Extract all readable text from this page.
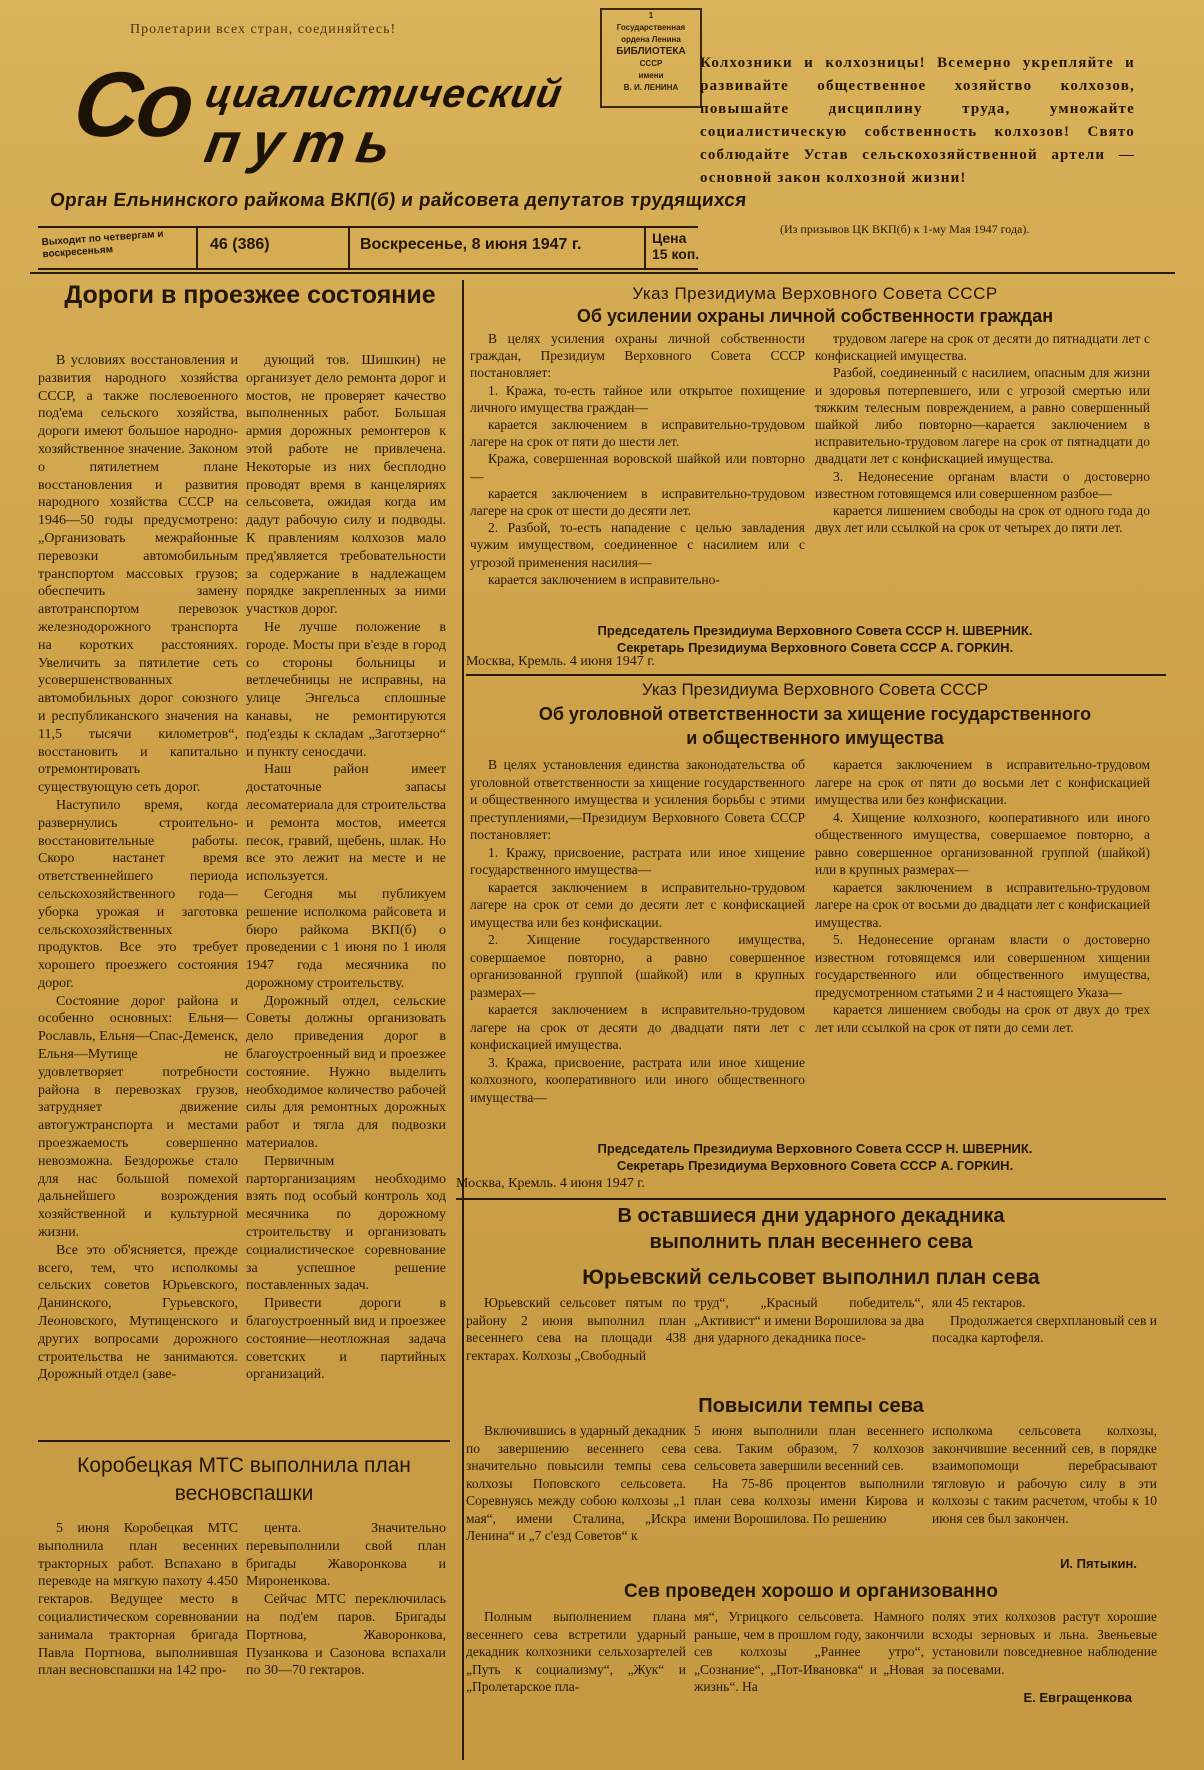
Пролетарии всех стран, соединяйтесь!
1
Государственная
ордена Ленина
БИБЛИОТЕКА
СССР
имени
В. И. ЛЕНИНА
Со циалистический
путь
Орган Ельнинского райкома ВКП(б) и райсовета депутатов трудящихся
Выходит по четвергам и воскресеньям	46 (386)	Воскресенье, 8 июня 1947 г.	Цена 15 коп.
Колхозники и колхозницы! Всемерно укрепляйте и развивайте общественное хозяйство колхозов, повышайте дисциплину труда, умножайте социалистическую собственность колхозов! Свято соблюдайте Устав сельскохозяйственной артели — основной закон колхозной жизни!
(Из призывов ЦК ВКП(б) к 1-му Мая 1947 года).
Дороги в проезжее состояние

В условиях восстановления и развития народного хозяйства СССР, а также послевоенного под'ема сельского хозяйства, дороги имеют большое народно-хозяйственное значение. Законом о пятилетнем плане восстановления и развития народного хозяйства СССР на 1946—50 годы предусмотрено: „Организовать межрайонные перевозки автомобильным транспортом массовых грузов; обеспечить замену автотранспортом перевозок железнодорожного транспорта на коротких расстояниях. Увеличить за пятилетие сеть усовершенствованных автомобильных дорог союзного и республиканского значения на 11,5 тысячи километров“, восстановить и капитально отремонтировать существующую сеть дорог.

Наступило время, когда развернулись строительно-восстановительные работы. Скоро настанет время ответственнейшего периода сельскохозяйственного года—уборка урожая и заготовка сельскохозяйственных продуктов. Все это требует хорошего проезжего состояния дорог.

Состояние дорог района и особенно основных: Ельня—Рославль, Ельня—Спас-Деменск, Ельня—Мутище не удовлетворяет потребности района в перевозках грузов, затрудняет движение автогужтранспорта и местами проезжаемость совершенно невозможна. Бездорожье стало для нас большой помехой дальнейшего возрождения хозяйственной и культурной жизни.

Все это об'ясняется, прежде всего, тем, что исполкомы сельских советов Юрьевского, Данинского, Гурьевского, Леоновского, Мутищенского и других вопросами дорожного строительства не занимаются. Дорожный отдел (заве-

дующий тов. Шишкин) не организует дело ремонта дорог и мостов, не проверяет качество выполненных работ. Большая армия дорожных ремонтеров к этой работе не привлечена. Некоторые из них бесплодно проводят время в канцеляриях сельсовета, ожидая когда им дадут рабочую силу и подводы. К правлениям колхозов мало пред'является требовательности за содержание в надлежащем порядке закрепленных за ними участков дорог.

Не лучше положение в городе. Мосты при в'езде в город со стороны больницы и ветлечебницы не исправны, на улице Энгельса сплошные канавы, не ремонтируются под'езды к складам „Заготзерно“ и пункту сеносдачи.

Наш район имеет достаточные запасы лесоматериала для строительства и ремонта мостов, имеется песок, гравий, щебень, шлак. Но все это лежит на месте и не используется.

Сегодня мы публикуем решение исполкома райсовета и бюро райкома ВКП(б) о проведении с 1 июня по 1 июля 1947 года месячника по дорожному строительству.

Дорожный отдел, сельские Советы должны организовать дело приведения дорог в благоустроенный вид и проезжее состояние. Нужно выделить необходимое количество рабочей силы для ремонтных дорожных работ и тягла для подвозки материалов.

Первичным парторганизациям необходимо взять под особый контроль ход месячника по дорожному строительству и организовать социалистическое соревнование за успешное решение поставленных задач.

Привести дороги в благоустроенный вид и проезжее состояние—неотложная задача советских и партийных организаций.

Коробецкая МТС выполнила план весновспашки

5 июня Коробецкая МТС выполнила план весенних тракторных работ. Вспахано в переводе на мягкую пахоту 4.450 гектаров. Ведущее место в социалистическом соревновании занимала тракторная бригада Павла Портнова, выполнившая план весновспашки на 142 про-

цента. Значительно перевыполнили свой план бригады Жаворонкова и Мироненкова.

Сейчас МТС переключилась на под'ем паров. Бригады Портнова, Жаворонкова, Пузанкова и Сазонова вспахали по 30—70 гектаров.

Указ Президиума Верховного Совета СССР
Об усилении охраны личной собственности граждан

В целях усиления охраны личной собственности граждан, Президиум Верховного Совета СССР постановляет:

1. Кража, то-есть тайное или открытое похищение личного имущества граждан—

карается заключением в исправительно-трудовом лагере на срок от пяти до шести лет.

Кража, совершенная воровской шайкой или повторно—

карается заключением в исправительно-трудовом лагере на срок от шести до десяти лет.

2. Разбой, то-есть нападение с целью завладения чужим имуществом, соединенное с насилием или с угрозой применения насилия—

карается заключением в исправительно-

трудовом лагере на срок от десяти до пятнадцати лет с конфискацией имущества.

Разбой, соединенный с насилием, опасным для жизни и здоровья потерпевшего, или с угрозой смертью или тяжким телесным повреждением, а равно совершенный шайкой либо повторно—карается заключением в исправительно-трудовом лагере на срок от пятнадцати до двадцати лет с конфискацией имущества.

3. Недонесение органам власти о достоверно известном готовящемся или совершенном разбое—

карается лишением свободы на срок от одного года до двух лет или ссылкой на срок от четырех до пяти лет.

Председатель Президиума Верховного Совета СССР Н. ШВЕРНИК.
Секретарь Президиума Верховного Совета СССР А. ГОРКИН.
Москва, Кремль. 4 июня 1947 г.
Указ Президиума Верховного Совета СССР
Об уголовной ответственности за хищение государственного
и общественного имущества

В целях установления единства законодательства об уголовной ответственности за хищение государственного и общественного имущества и усиления борьбы с этими преступлениями,—Президиум Верховного Совета СССР постановляет:

1. Кражу, присвоение, растрата или иное хищение государственного имущества—

карается заключением в исправительно-трудовом лагере на срок от семи до десяти лет с конфискацией имущества или без конфискации.

2. Хищение государственного имущества, совершаемое повторно, а равно совершенное организованной группой (шайкой) или в крупных размерах—

карается заключением в исправительно-трудовом лагере на срок от десяти до двадцати пяти лет с конфискацией имущества.

3. Кража, присвоение, растрата или иное хищение колхозного, кооперативного или иного общественного имущества—

карается заключением в исправительно-трудовом лагере на срок от пяти до восьми лет с конфискацией имущества или без конфискации.

4. Хищение колхозного, кооперативного или иного общественного имущества, совершаемое повторно, а равно совершенное организованной группой (шайкой) или в крупных размерах—

карается заключением в исправительно-трудовом лагере на срок от восьми до двадцати лет с конфискацией имущества.

5. Недонесение органам власти о достоверно известном готовящемся или совершенном хищении государственного или общественного имущества, предусмотренном статьями 2 и 4 настоящего Указа—

карается лишением свободы на срок от двух до трех лет или ссылкой на срок от пяти до семи лет.

Председатель Президиума Верховного Совета СССР Н. ШВЕРНИК.
Секретарь Президиума Верховного Совета СССР А. ГОРКИН.
Москва, Кремль. 4 июня 1947 г.
В оставшиеся дни ударного декадника
выполнить план весеннего сева
Юрьевский сельсовет выполнил план сева

Юрьевский сельсовет пятым по району 2 июня выполнил план весеннего сева на площади 438 гектарах. Колхозы „Свободный

труд“, „Красный победитель“, „Активист“ и имени Ворошилова за два дня ударного декадника посе-

яли 45 гектаров.

Продолжается сверхплановый сев и посадка картофеля.

Повысили темпы сева

Включившись в ударный декадник по завершению весеннего сева значительно повысили темпы сева колхозы Поповского сельсовета. Соревнуясь между собою колхозы „1 мая“, имени Сталина, „Искра Ленина“ и „7 с'езд Советов“ к

5 июня выполнили план весеннего сева. Таким образом, 7 колхозов сельсовета завершили весенний сев.

На 75-86 процентов выполнили план сева колхозы имени Кирова и имени Ворошилова. По решению

исполкома сельсовета колхозы, закончившие весенний сев, в порядке взаимопомощи перебрасывают тягловую и рабочую силу в эти колхозы с таким расчетом, чтобы к 10 июня сев был закончен.

И. Пятыкин.
Сев проведен хорошо и организованно

Полным выполнением плана весеннего сева встретили ударный декадник колхозники сельхозартелей „Путь к социализму“, „Жук“ и „Пролетарское пла-

мя“, Угрицкого сельсовета. Намного раньше, чем в прошлом году, закончили сев колхозы „Раннее утро“, „Сознание“, „Пот-Ивановка“ и „Новая жизнь“. На

полях этих колхозов растут хорошие всходы зерновых и льна. Звеньевые установили повседневное наблюдение за посевами.

Е. Евгращенкова
